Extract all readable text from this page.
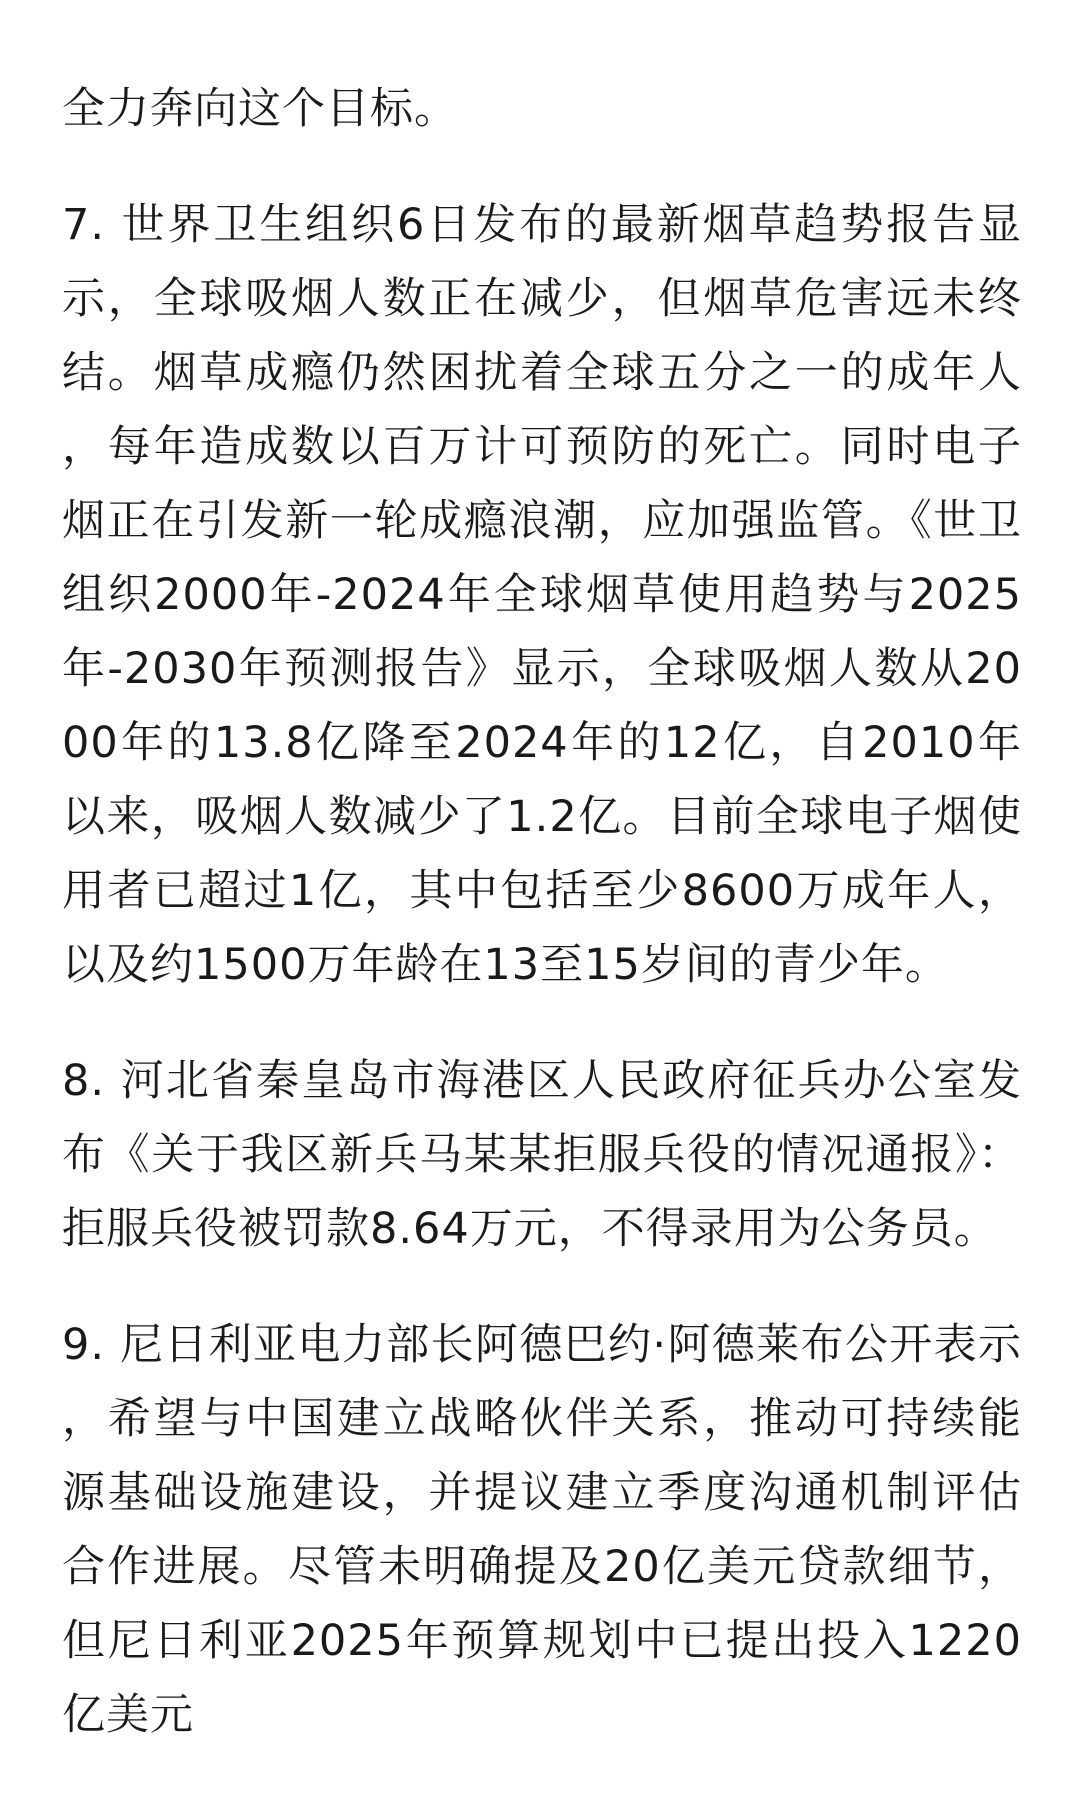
全力奔向这个目标。

7. 世界卫生组织6日发布的最新烟草趋势报告显示，全球吸烟人数正在减少，但烟草危害远未终结。烟草成瘾仍然困扰着全球五分之一的成年人，每年造成数以百万计可预防的死亡。同时电子烟正在引发新一轮成瘾浪潮，应加强监管。《世卫组织2000年-2024年全球烟草使用趋势与2025年-2030年预测报告》显示，全球吸烟人数从2000年的13.8亿降至2024年的12亿，自2010年以来，吸烟人数减少了1.2亿。目前全球电子烟使用者已超过1亿，其中包括至少8600万成年人，以及约1500万年龄在13至15岁间的青少年。

8. 河北省秦皇岛市海港区人民政府征兵办公室发布《关于我区新兵马某某拒服兵役的情况通报》：拒服兵役被罚款8.64万元，不得录用为公务员。

9. 尼日利亚电力部长阿德巴约·阿德莱布公开表示，希望与中国建立战略伙伴关系，推动可持续能源基础设施建设，并提议建立季度沟通机制评估合作进展。尽管未明确提及20亿美元贷款细节，但尼日利亚2025年预算规划中已提出投入1220亿美元
